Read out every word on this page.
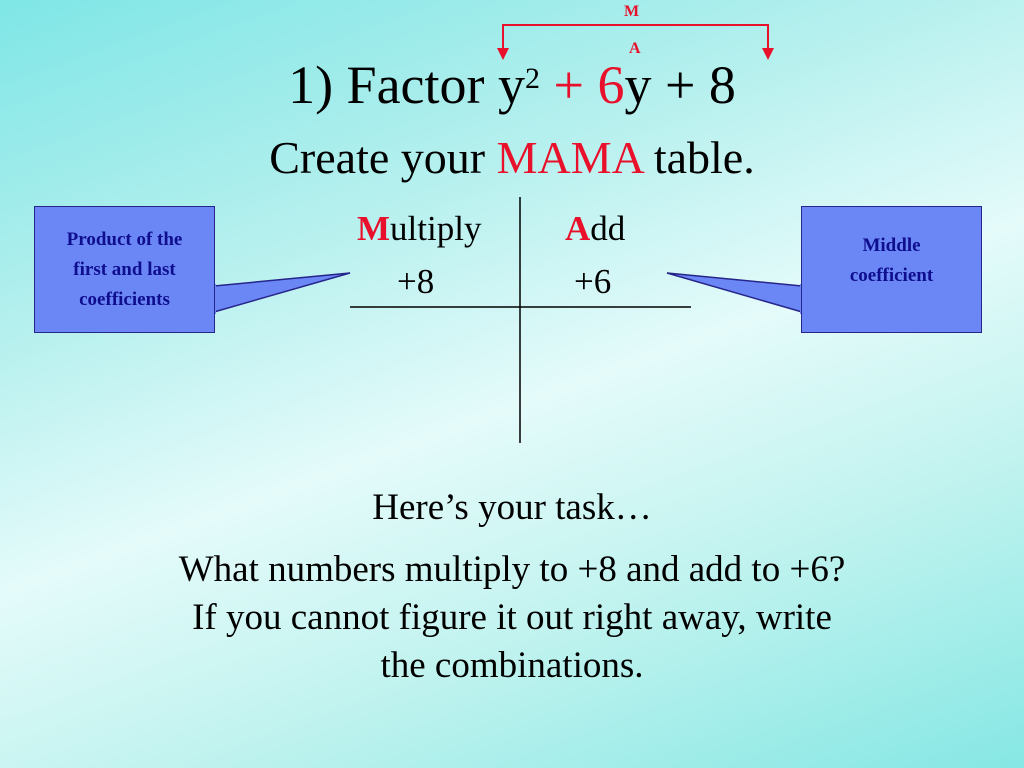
M
A
1) Factor $y^2 + 6y + 8$
Create your MAMA table.
Product of the
first and last
coefficients
Middle
coefficient
Multiply Add
+8	+6
Here’s your task…
What numbers multiply to +8 and add to +6?
If you cannot figure it out right away, write
the combinations.
